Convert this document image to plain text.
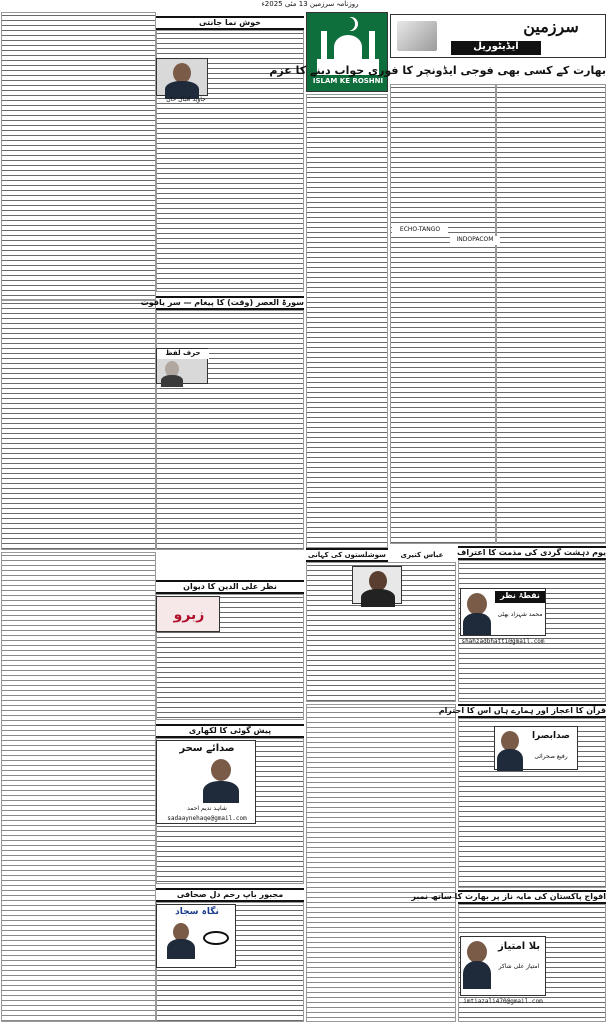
روزنامہ سرزمین 13 مئی 2025ء
خوش نما جانتی
جاوید اقبال خان
سورۃ العصر (وقت) کا پیغام — سر یاقوت
حرف لفظ
نظر علی الدین کا دیوان
زبرو
پیش گوئی کا لکھاری
صدائے سحر
شاہد ندیم احمد
sadaaynehaqe@gmail.com
مجبور باپ رحم دل صحافی
نگاہ سجاد
ISLAM KE ROSHNI
سوشلستوں کی کہانی	عباس کتیری
سرزمین
ایڈیٹوریل
بھارت کے کسی بھی فوجی ایڈونچر کا فوری جواب دینے کا عزم
ECHO-TANGO
INDOPACOM
یوم دہشت گردی کی مذمت کا اعتراف
نقطۂ نظر
محمد شہزاد بھٹی
shahzadbhatti@gmail.com
قرآن کا اعجاز اور ہمارے ہاں اس کا احترام
صدابصرا
رفیع صحرائی
افواج پاکستان کی مایہ ناز پر بھارت کا ساتھ نمبر
بلا امتیاز
امتیاز علی شاکر
imtiazali470@gmail.com
